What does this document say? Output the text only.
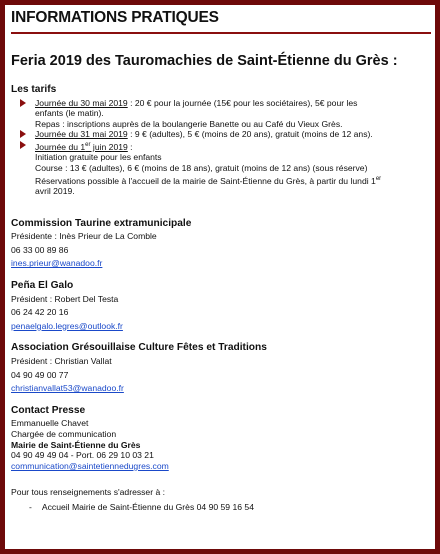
INFORMATIONS PRATIQUES
Feria 2019 des Tauromachies de Saint-Étienne du Grès :
Les tarifs
Journée du 30 mai 2019 : 20 € pour la journée (15€ pour les sociétaires), 5€ pour les
enfants (le matin).
Repas : inscriptions auprès de la boulangerie Banette ou au Café du Vieux Grès.
Journée du 31 mai 2019 : 9 € (adultes), 5 € (moins de 20 ans), gratuit (moins de 12 ans).
Journée du 1er juin 2019 :
Initiation gratuite pour les enfants
Course : 13 € (adultes), 6 € (moins de 18 ans), gratuit (moins de 12 ans) (sous réserve)
Réservations possible à l'accueil de la mairie de Saint-Étienne du Grès, à partir du lundi 1er
avril 2019.
Commission Taurine extramunicipale
Présidente : Inès Prieur de La Comble
06 33 00 89 86
ines.prieur@wanadoo.fr
Peña El Galo
Président : Robert Del Testa
06 24 42 20 16
penaelgalo.legres@outlook.fr
Association Grésouillaise Culture Fêtes et Traditions
Président : Christian Vallat
04 90 49 00 77
christianvallat53@wanadoo.fr
Contact Presse
Emmanuelle Chavet
Chargée de communication
Mairie de Saint-Étienne du Grès
04 90 49 49 04 - Port. 06 29 10 03 21
communication@saintetiennedugres.com
Pour tous renseignements s'adresser à :
- Accueil Mairie de Saint-Étienne du Grès 04 90 59 16 54
